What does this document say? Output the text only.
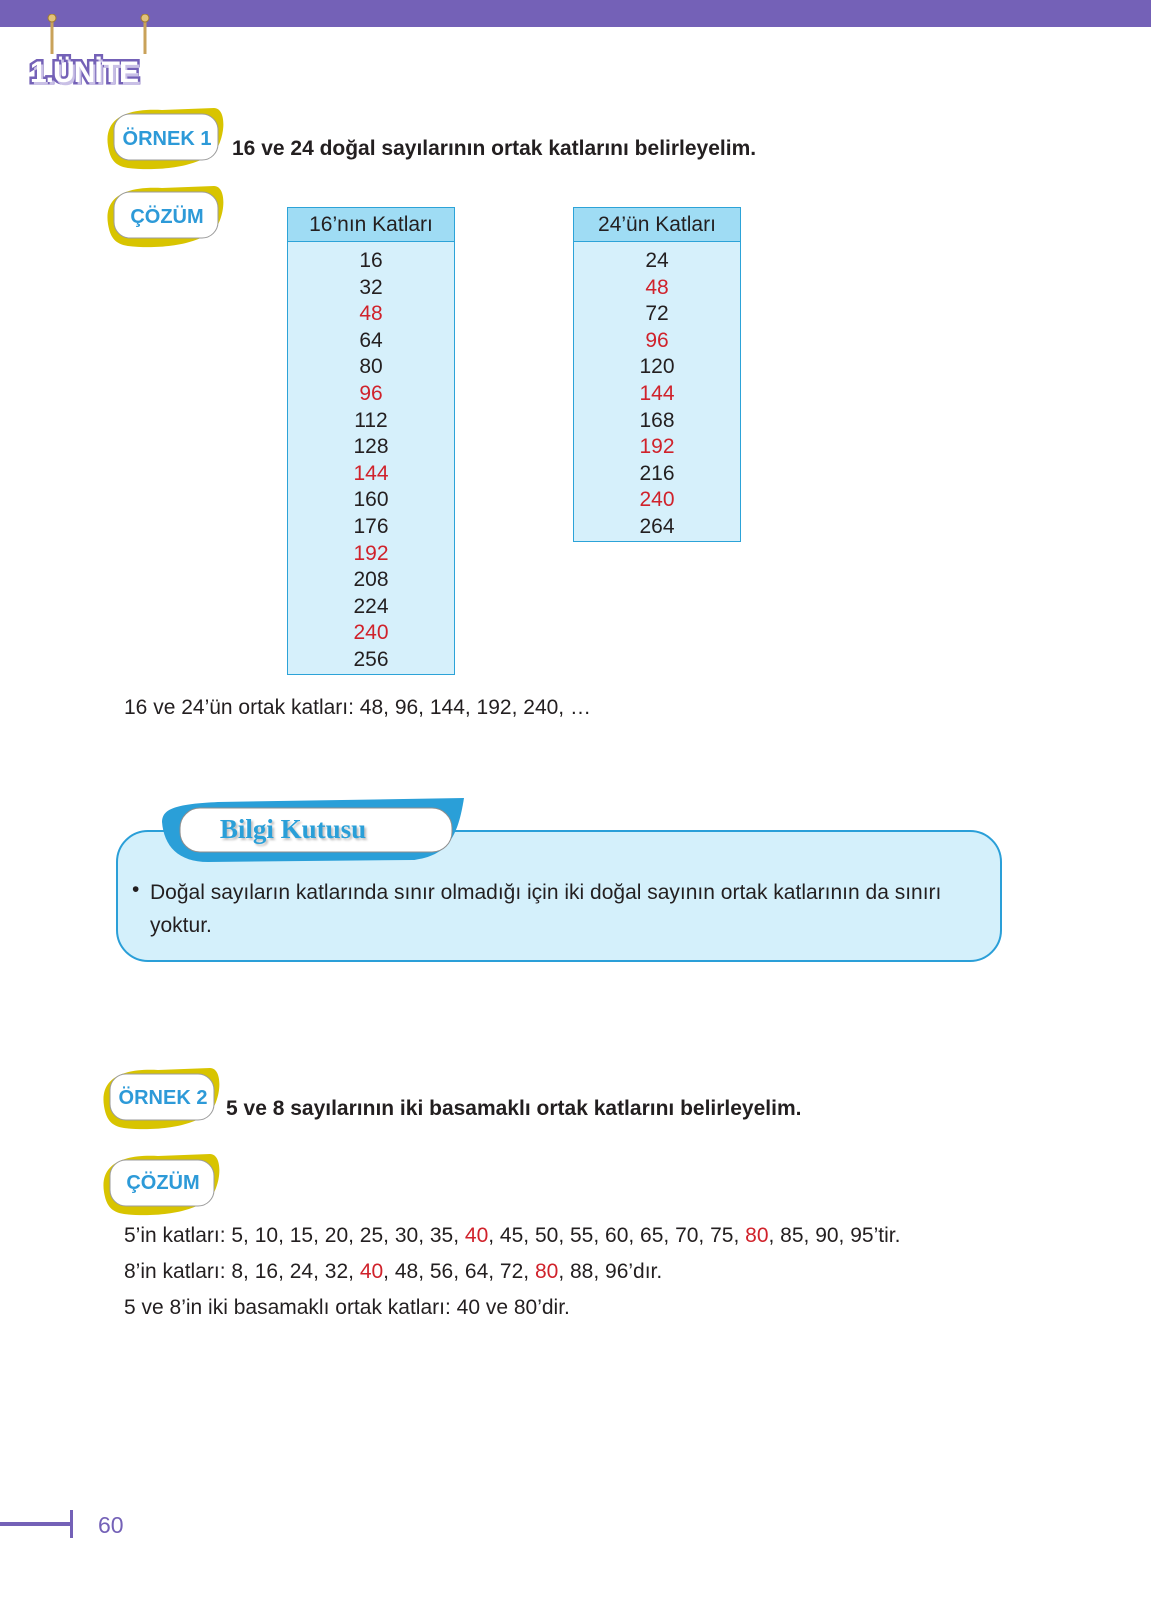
1.ÜNİTE
ÖRNEK 1 16 ve 24 doğal sayılarının ortak katlarını belirleyelim.
ÇÖZÜM	16’nın Katları
16
32
48
64
80
96
112
128
144
160
176
192
208
224
240
256
24’ün Katları
24
48
72
96
120
144
168
192
216
240
264
16 ve 24’ün ortak katları: 48, 96, 144, 192, 240, …
Bilgi Kutusu
• Doğal sayıların katlarında sınır olmadığı için iki doğal sayının ortak katlarının da sınırı yoktur.
ÖRNEK 2 5 ve 8 sayılarının iki basamaklı ortak katlarını belirleyelim.
ÇÖZÜM
5’in katları: 5, 10, 15, 20, 25, 30, 35, 40, 45, 50, 55, 60, 65, 70, 75, 80, 85, 90, 95’tir.
8’in katları: 8, 16, 24, 32, 40, 48, 56, 64, 72, 80, 88, 96’dır.
5 ve 8’in iki basamaklı ortak katları: 40 ve 80’dir.
60
